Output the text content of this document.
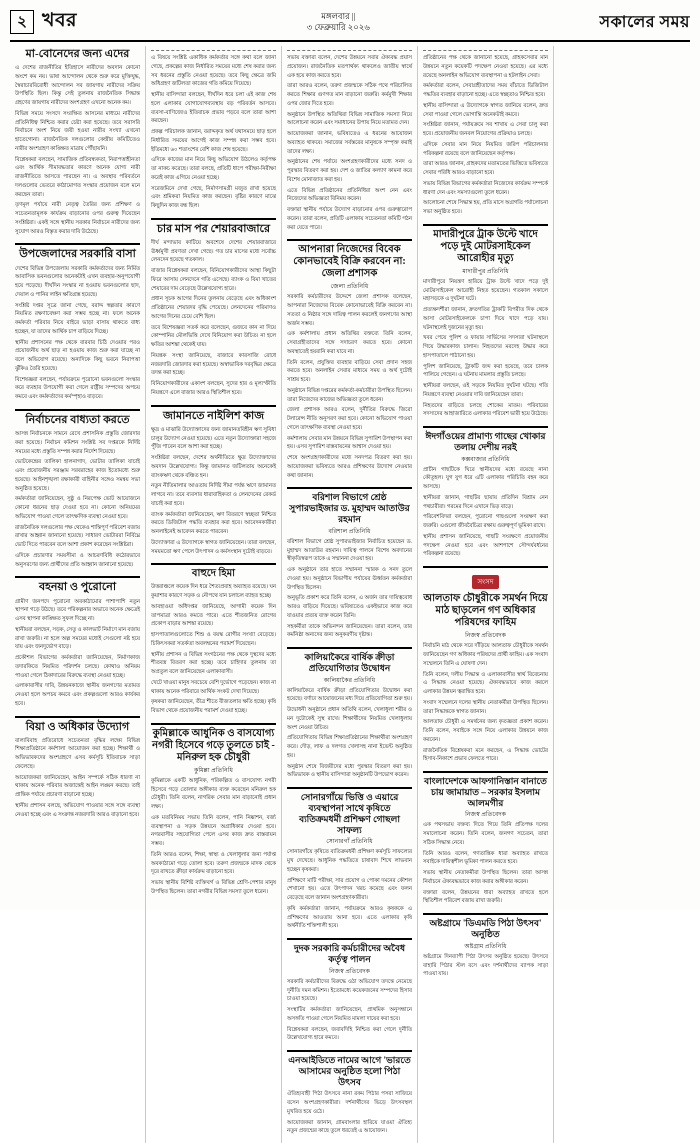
২ খবর	মঙ্গলবার ||
৩ ফেব্রুয়ারি ২০২৬	সকালের সময়
মা-বোনেদের জন্য এদের

এ দেশের রাজনীতির ইতিহাসে নারীদের অবদান কোনো অংশে কম নয়। ভাষা আন্দোলন থেকে শুরু করে মুক্তিযুদ্ধ, স্বৈরাচারবিরোধী আন্দোলন সব জায়গায় নারীদের সক্রিয় উপস্থিতি ছিল। কিন্তু সেই তুলনায় রাজনৈতিক সিদ্ধান্ত গ্রহণের জায়গায় নারীদের অংশগ্রহণ এখনো অনেক কম।

বিভিন্ন সময়ে সংসদে সংরক্ষিত আসনের মাধ্যমে নারীদের প্রতিনিধিত্ব নিশ্চিত করার চেষ্টা করা হয়েছে। তবে সরাসরি নির্বাচনে অংশ নিয়ে জয়ী হওয়া নারীর সংখ্যা এখনো হাতেগোনা। রাজনৈতিক দলগুলোর কেন্দ্রীয় কমিটিতেও নারীর অংশগ্রহণ কাঙ্ক্ষিত মাত্রায় পৌঁছায়নি।

বিশ্লেষকরা বলছেন, সামাজিক প্রতিবন্ধকতা, নিরাপত্তাহীনতা এবং আর্থিক সীমাবদ্ধতার কারণে অনেক যোগ্য নারী রাজনীতিতে আসতে পারছেন না। এ অবস্থার পরিবর্তনে দলগুলোর ভেতরে কাঠামোগত সংস্কার প্রয়োজন বলে মনে করছেন তারা।

তৃণমূল পর্যায়ে নারী নেতৃত্ব তৈরির জন্য প্রশিক্ষণ ও সচেতনতামূলক কার্যক্রম বাড়ানোর ওপর গুরুত্ব দিয়েছেন সংশ্লিষ্টরা। একই সঙ্গে স্থানীয় সরকার নির্বাচনে নারীদের জন্য সুযোগ আরও বিস্তৃত করার দাবি উঠেছে।

উপজেলাদের সরকারি বাসা

দেশের বিভিন্ন উপজেলায় সরকারি কর্মকর্তাদের জন্য নির্মিত আবাসিক ভবনগুলোর অনেকটাই এখন ব্যবহার-অনুপযোগী হয়ে পড়েছে। দীর্ঘদিন সংস্কার না হওয়ায় ভবনগুলোর ছাদ, দেয়াল ও পানির লাইন ক্ষতিগ্রস্ত হয়েছে।

সংশ্লিষ্ট দপ্তর সূত্রে জানা গেছে, বরাদ্দ স্বল্পতার কারণে নিয়মিত রক্ষণাবেক্ষণ করা সম্ভব হচ্ছে না। ফলে অনেক কর্মকর্তা পরিবার নিয়ে বাইরে ভাড়া বাসায় থাকতে বাধ্য হচ্ছেন, যা তাদের আর্থিক চাপ বাড়িয়ে দিচ্ছে।

স্থানীয় প্রশাসনের পক্ষ থেকে বারবার চিঠি দেওয়ার পরও প্রয়োজনীয় অর্থ ছাড় না হওয়ায় কাজ শুরু করা যাচ্ছে না বলে অভিযোগ রয়েছে। অন্যদিকে কিছু ভবনে নিরাপত্তা ঝুঁকিও তৈরি হয়েছে।

বিশেষজ্ঞরা বলছেন, পর্যায়ক্রমে পুরোনো ভবনগুলো সংস্কার করে ব্যবহার উপযোগী করা গেলে রাষ্ট্রীয় সম্পদের অপচয় কমবে এবং কর্মকর্তাদের কর্মস্পৃহাও বাড়বে।

নির্বাচনের বাধ্যতা করতে

আসন্ন নির্বাচনকে সামনে রেখে প্রশাসনিক প্রস্তুতি জোরদার করা হয়েছে। নির্বাচন কমিশন সংশ্লিষ্ট সব দপ্তরকে নির্দিষ্ট সময়ের মধ্যে প্রস্তুতি সম্পন্ন করার নির্দেশ দিয়েছে।

ভোটকেন্দ্রের তালিকা হালনাগাদ, ভোটার তালিকা যাচাই এবং প্রয়োজনীয় সরঞ্জাম সরবরাহের কাজ ইতোমধ্যে শুরু হয়েছে। আইনশৃঙ্খলা রক্ষাকারী বাহিনীর সঙ্গেও সমন্বয় সভা অনুষ্ঠিত হয়েছে।

কর্মকর্তারা জানিয়েছেন, সুষ্ঠু ও নিরপেক্ষ ভোট আয়োজনে কোনো ধরনের ছাড় দেওয়া হবে না। কোনো অনিয়মের অভিযোগ পাওয়া গেলে তাৎক্ষণিক ব্যবস্থা নেওয়া হবে।

রাজনৈতিক দলগুলোর পক্ষ থেকেও শান্তিপূর্ণ পরিবেশ বজায় রাখার আহ্বান জানানো হয়েছে। সাধারণ ভোটাররা নির্বিঘ্নে ভোট দিতে পারবেন বলে আশা প্রকাশ করেছেন সংশ্লিষ্টরা।

এদিকে প্রচারণার সময়সীমা ও আচরণবিধি কঠোরভাবে অনুসরণের জন্য প্রার্থীদের প্রতি আহ্বান জানানো হয়েছে।

বহনয়া ও পুরোনো

গ্রামীণ জনপদে পুরোনো অবকাঠামোর পাশাপাশি নতুন স্থাপনা গড়ে উঠছে। তবে পরিকল্পনার অভাবে অনেক ক্ষেত্রেই এসব স্থাপনা কাঙ্ক্ষিত সুফল দিচ্ছে না।

স্থানীয়রা বলছেন, সড়ক, সেতু ও কালভার্ট নির্মাণে মান বজায় রাখা জরুরি। না হলে অল্প সময়ের মধ্যেই সেগুলো নষ্ট হয়ে যায় এবং জনদুর্ভোগ বাড়ে।

প্রকৌশল বিভাগের কর্মকর্তারা জানিয়েছেন, নির্মাণকাজ তদারকিতে নিয়মিত পরিদর্শন চলছে। কোথাও অনিয়ম পাওয়া গেলে ঠিকাদারের বিরুদ্ধে ব্যবস্থা নেওয়া হচ্ছে।

এলাকাবাসীর দাবি, উন্নয়নকাজে স্থানীয় জনগণের মতামত নেওয়া হলে অপচয় কমবে এবং প্রকল্পগুলো আরও কার্যকর হবে।

বিয়া ও অধিকার উদ্যোগ

বাল্যবিবাহ প্রতিরোধে সচেতনতা বৃদ্ধির লক্ষ্যে বিভিন্ন শিক্ষাপ্রতিষ্ঠানে কর্মশালা আয়োজন করা হচ্ছে। শিক্ষার্থী ও অভিভাবকদের অংশগ্রহণে এসব কর্মসূচি ইতিবাচক সাড়া ফেলেছে।

আয়োজকরা জানিয়েছেন, আইন সম্পর্কে সঠিক ধারণা না থাকায় অনেক পরিবার অজান্তেই আইন লঙ্ঘন করছে। তাই প্রান্তিক পর্যায়ে প্রচারণা বাড়ানো হচ্ছে।

স্থানীয় প্রশাসন বলছে, অভিযোগ পাওয়ার সঙ্গে সঙ্গে ব্যবস্থা নেওয়া হচ্ছে এবং এ সংক্রান্ত নজরদারি আরও বাড়ানো হবে।

এ বিষয়ে সংশ্লিষ্ট একাধিক কর্মকর্তার সঙ্গে কথা বলে জানা গেছে, প্রকল্পের কাজ নির্ধারিত সময়ের মধ্যে শেষ করার জন্য সব ধরনের প্রস্তুতি নেওয়া হয়েছে। তবে কিছু ক্ষেত্রে জমি অধিগ্রহণ জটিলতা কাজের গতি কমিয়ে দিয়েছে।

স্থানীয় বাসিন্দারা বলছেন, দীর্ঘদিন ধরে চলা এই কাজ শেষ হলে এলাকার যোগাযোগব্যবস্থায় বড় পরিবর্তন আসবে। ব্যবসা-বাণিজ্যেও ইতিবাচক প্রভাব পড়বে বলে তারা আশা করছেন।

প্রকল্প পরিচালক জানান, বরাদ্দকৃত অর্থ যথাসময়ে ছাড় হলে নির্ধারিত সময়ের আগেই কাজ সম্পন্ন করা সম্ভব হবে। ইতিমধ্যে ৬০ শতাংশের বেশি কাজ শেষ হয়েছে।

এদিকে কাজের মান নিয়ে কিছু অভিযোগ উঠলেও কর্তৃপক্ষ তা নাকচ করেছে। তারা বলছে, প্রতিটি ধাপে পরীক্ষা-নিরীক্ষা করেই কাজ এগিয়ে নেওয়া হচ্ছে।

সরেজমিনে দেখা গেছে, নির্মাণসামগ্রী মজুত রাখা হয়েছে এবং শ্রমিকরা নিয়মিত কাজ করছেন। বৃষ্টির কারণে মাঝে কিছুদিন কাজ বন্ধ ছিল।

চার মাস পর শেয়ারবাজারে

দীর্ঘ মন্দাভাব কাটিয়ে অবশেষে দেশের শেয়ারবাজারে ঊর্ধ্বমুখী প্রবণতা দেখা গেছে। গত চার মাসের মধ্যে সর্বোচ্চ লেনদেন হয়েছে গতকাল।

বাজার বিশ্লেষকরা বলছেন, বিনিয়োগকারীদের আস্থা কিছুটা ফিরে আসায় লেনদেনে গতি এসেছে। ব্যাংক ও বিমা খাতের শেয়ারের দাম বেড়েছে উল্লেখযোগ্য হারে।

প্রধান সূচক আগের দিনের তুলনায় বেড়েছে এবং অধিকাংশ প্রতিষ্ঠানের শেয়ারদর বৃদ্ধি পেয়েছে। লেনদেনের পরিমাণও আগের দিনের চেয়ে বেশি ছিল।

তবে বিশেষজ্ঞরা সতর্ক করে বলেছেন, গুজবে কান না দিয়ে কোম্পানির মৌলভিত্তি দেখে বিনিয়োগ করা উচিত। না হলে ক্ষতির আশঙ্কা থেকেই যায়।

নিয়ন্ত্রক সংস্থা জানিয়েছে, বাজারে কারসাজি রোধে নজরদারি জোরদার করা হয়েছে। অস্বাভাবিক দরবৃদ্ধির ক্ষেত্রে তদন্ত করা হচ্ছে।

বিনিয়োগকারীদের একাংশ বলছেন, সুদের হার ও মূল্যস্ফীতি নিয়ন্ত্রণে এলে বাজার আরও স্থিতিশীল হবে।

জামানতে নাইলিশ কাজ

ক্ষুদ্র ও মাঝারি উদ্যোক্তাদের জন্য জামানতবিহীন ঋণ সুবিধা চালুর উদ্যোগ নেওয়া হয়েছে। এতে নতুন উদ্যোক্তারা সহজে পুঁজি পাবেন বলে আশা করা হচ্ছে।

সংশ্লিষ্টরা বলছেন, দেশের অর্থনীতিতে ক্ষুদ্র উদ্যোক্তাদের অবদান উল্লেখযোগ্য। কিন্তু জামানত জটিলতায় অনেকেই ব্যাংকঋণ থেকে বঞ্চিত হন।

নতুন নীতিমালার আওতায় নির্দিষ্ট সীমা পর্যন্ত ঋণে জামানত লাগবে না। তবে ব্যবসার ধারাবাহিকতা ও লেনদেনের রেকর্ড যাচাই করা হবে।

ব্যাংক কর্মকর্তারা জানিয়েছেন, ঋণ বিতরণে স্বচ্ছতা নিশ্চিত করতে ডিজিটাল পদ্ধতি ব্যবহার করা হবে। আবেদনকারীরা অনলাইনেই আবেদন করতে পারবেন।

উদ্যোক্তারা এ উদ্যোগকে স্বাগত জানিয়েছেন। তারা বলছেন, সময়মতো ঋণ পেলে উৎপাদন ও কর্মসংস্থান দুটোই বাড়বে।

বাহুদে হিমা

উত্তরাঞ্চলে কয়েক দিন ধরে শৈত্যপ্রবাহ অব্যাহত রয়েছে। ঘন কুয়াশার কারণে সড়ক ও নৌপথে যান চলাচল ব্যাহত হচ্ছে।

আবহাওয়া অধিদপ্তর জানিয়েছে, আগামী কয়েক দিন তাপমাত্রা আরও কমতে পারে। এতে শীতজনিত রোগের প্রকোপ বাড়ার আশঙ্কা রয়েছে।

হাসপাতালগুলোতে শিশু ও বয়স্ক রোগীর সংখ্যা বেড়েছে। চিকিৎসকরা সতর্কতা অবলম্বনের পরামর্শ দিয়েছেন।

স্থানীয় প্রশাসন ও বিভিন্ন সংগঠনের পক্ষ থেকে দুস্থদের মধ্যে শীতবস্ত্র বিতরণ করা হচ্ছে। তবে চাহিদার তুলনায় তা অপ্রতুল বলে জানিয়েছেন এলাকাবাসী।

খেটে খাওয়া মানুষ সবচেয়ে বেশি দুর্ভোগে পড়েছেন। কাজ না থাকায় অনেক পরিবারে আর্থিক সংকট দেখা দিয়েছে।

কৃষকরা জানিয়েছেন, তীব্র শীতে বীজতলার ক্ষতি হচ্ছে। কৃষি বিভাগ থেকে প্রয়োজনীয় পরামর্শ দেওয়া হচ্ছে।

কুমিল্লাকে আধুনিক ও বাসযোগ্য নগরী হিসেবে গড়ে তুলতে চাই - মনিরুল হক চৌধুরী
কুমিল্লা প্রতিনিধি

কুমিল্লাকে একটি আধুনিক, পরিকল্পিত ও বাসযোগ্য নগরী হিসেবে গড়ে তোলার অঙ্গীকার ব্যক্ত করেছেন মনিরুল হক চৌধুরী। তিনি বলেন, নাগরিক সেবার মান বাড়ানোই প্রধান লক্ষ্য।

এক মতবিনিময় সভায় তিনি বলেন, পানি নিষ্কাশন, বর্জ্য ব্যবস্থাপনা ও সড়ক উন্নয়নে অগ্রাধিকার দেওয়া হবে। নগরবাসীর সহযোগিতা পেলে এসব কাজ দ্রুত বাস্তবায়ন সম্ভব।

তিনি আরও বলেন, শিক্ষা, স্বাস্থ্য ও খেলাধুলার জন্য পর্যাপ্ত অবকাঠামো গড়ে তোলা হবে। তরুণ প্রজন্মকে মাদক থেকে দূরে রাখতে ক্রীড়া কার্যক্রম বাড়ানো হবে।

সভায় স্থানীয় বিশিষ্ট ব্যক্তিবর্গ ও বিভিন্ন শ্রেণি-পেশার মানুষ উপস্থিত ছিলেন। তারা নগরীর বিভিন্ন সমস্যা তুলে ধরেন।

সভায় বক্তারা বলেন, দেশের উন্নয়নে সবার ঐক্যবদ্ধ প্রয়াস প্রয়োজন। রাজনৈতিক মতপার্থক্য থাকলেও জাতীয় স্বার্থে এক হয়ে কাজ করতে হবে।

তারা আরও বলেন, তরুণ প্রজন্মকে সঠিক পথে পরিচালিত করতে শিক্ষার গুণগত মান বাড়ানো জরুরি। কর্মমুখী শিক্ষার ওপর জোর দিতে হবে।

অনুষ্ঠানে উপস্থিত অতিথিরা বিভিন্ন সামাজিক সমস্যা নিয়ে আলোচনা করেন এবং সমাধানের উপায় নিয়ে মতামত দেন।

আয়োজকরা জানান, ভবিষ্যতেও এ ধরনের আয়োজন অব্যাহত থাকবে। সমাজের সর্বস্তরের মানুষকে সম্পৃক্ত করাই তাদের লক্ষ্য।

অনুষ্ঠানের শেষ পর্যায়ে অংশগ্রহণকারীদের মধ্যে সনদ ও পুরস্কার বিতরণ করা হয়। দেশ ও জাতির কল্যাণ কামনা করে বিশেষ মোনাজাত করা হয়।

এতে বিভিন্ন প্রতিষ্ঠানের প্রতিনিধিরা অংশ নেন এবং নিজেদের অভিজ্ঞতা বিনিময় করেন।

বক্তারা স্থানীয় পর্যায়ে উদ্যোগ বাড়ানোর ওপর গুরুত্বারোপ করেন। তারা বলেন, প্রতিটি এলাকায় সচেতনতা কমিটি গঠন করা যেতে পারে।

আপনারা নিজেদের বিবেক কোনভাবেই বিক্রি করবেন না: জেলা প্রশাসক
জেলা প্রতিনিধি

সরকারি কর্মচারীদের উদ্দেশে জেলা প্রশাসক বলেছেন, আপনারা নিজেদের বিবেক কোনোভাবেই বিক্রি করবেন না। সততা ও নিষ্ঠার সঙ্গে দায়িত্ব পালন করলেই জনগণের আস্থা অর্জন সম্ভব।

এক কর্মশালায় প্রধান অতিথির বক্তব্যে তিনি বলেন, সেবাগ্রহীতাদের সঙ্গে সদাচরণ করতে হবে। কোনো অবস্থাতেই হয়রানি করা যাবে না।

তিনি বলেন, প্রযুক্তির ব্যবহার বাড়িয়ে সেবা প্রদান সহজ করতে হবে। অনলাইন সেবার মাধ্যমে সময় ও অর্থ দুটোই সাশ্রয় হবে।

অনুষ্ঠানে বিভিন্ন দপ্তরের কর্মকর্তা-কর্মচারীরা উপস্থিত ছিলেন। তারা নিজেদের কাজের অভিজ্ঞতা তুলে ধরেন।

জেলা প্রশাসক আরও বলেন, দুর্নীতির বিরুদ্ধে জিরো টলারেন্স নীতি অনুসরণ করা হবে। কোনো অভিযোগ পাওয়া গেলে তাৎক্ষণিক ব্যবস্থা নেওয়া হবে।

কর্মশালায় সেবার মান উন্নয়নে বিভিন্ন সুপারিশ উপস্থাপন করা হয়। এসব সুপারিশ বাস্তবায়নের আশ্বাস দেওয়া হয়।

শেষে অংশগ্রহণকারীদের মধ্যে সনদপত্র বিতরণ করা হয়। আয়োজকরা ভবিষ্যতে আরও প্রশিক্ষণের উদ্যোগ নেওয়ার কথা জানান।

বরিশাল বিভাগে শ্রেষ্ঠ সুপারভাইজার ড. মুহাম্মদ আতাউর রহমান
বরিশাল প্রতিনিধি

বরিশাল বিভাগে শ্রেষ্ঠ সুপারভাইজার নির্বাচিত হয়েছেন ড. মুহাম্মদ আতাউর রহমান। দায়িত্ব পালনে বিশেষ অবদানের স্বীকৃতিস্বরূপ তাকে এ সম্মাননা দেওয়া হয়।

এক অনুষ্ঠানে তার হাতে সম্মাননা স্মারক ও সনদ তুলে দেওয়া হয়। অনুষ্ঠানে বিভাগীয় পর্যায়ের ঊর্ধ্বতন কর্মকর্তারা উপস্থিত ছিলেন।

অনুভূতি প্রকাশ করে তিনি বলেন, এ অর্জন তার দায়িত্ববোধ আরও বাড়িয়ে দিয়েছে। ভবিষ্যতেও একইভাবে কাজ করে যাওয়ার প্রত্যয় ব্যক্ত করেন তিনি।

সহকর্মীরা তাকে অভিনন্দন জানিয়েছেন। তারা বলেন, তার কর্মনিষ্ঠা অন্যদের জন্য অনুকরণীয় দৃষ্টান্ত।

কালিয়াকৈরে বার্ষিক ক্রীড়া প্রতিযোগিতার উদ্বোধন
কালিয়াকৈর প্রতিনিধি

কালিয়াকৈরে বার্ষিক ক্রীড়া প্রতিযোগিতার উদ্বোধন করা হয়েছে। বর্ণাঢ্য আয়োজনের মধ্য দিয়ে প্রতিযোগিতা শুরু হয়।

উদ্বোধনী অনুষ্ঠানে প্রধান অতিথি বলেন, খেলাধুলা শরীর ও মন দুটোকেই সুস্থ রাখে। শিক্ষার্থীদের নিয়মিত খেলাধুলায় অংশ নেওয়া উচিত।

প্রতিযোগিতায় বিভিন্ন শিক্ষাপ্রতিষ্ঠানের শিক্ষার্থীরা অংশগ্রহণ করে। দৌড়, লাফ ও দলগত খেলাসহ নানা ইভেন্ট অনুষ্ঠিত হয়।

অনুষ্ঠান শেষে বিজয়ীদের মধ্যে পুরস্কার বিতরণ করা হয়। অভিভাবক ও স্থানীয় বাসিন্দারা অনুষ্ঠানটি উপভোগ করেন।

সোনারগাঁয়ে ভিত্তি ও এয়ারে ব্যবস্থাপনা সাথে কৃষিতে ব্যতিক্রমধর্মী প্রশিক্ষণ গোছলা সাফল্য
সোনারগাঁ প্রতিনিধি

সোনারগাঁয়ে কৃষিতে ব্যতিক্রমধর্মী প্রশিক্ষণ কর্মসূচি সাফল্যের মুখ দেখেছে। আধুনিক পদ্ধতিতে চাষাবাদ শিখে লাভবান হচ্ছেন কৃষকরা।

প্রশিক্ষণে মাটি পরীক্ষা, সার প্রয়োগ ও পোকা দমনের কৌশল শেখানো হয়। এতে উৎপাদন খরচ কমেছে এবং ফলন বেড়েছে বলে জানান অংশগ্রহণকারীরা।

কৃষি কর্মকর্তারা জানান, পর্যায়ক্রমে আরও কৃষককে এ প্রশিক্ষণের আওতায় আনা হবে। এতে এলাকার কৃষি অর্থনীতি শক্তিশালী হবে।

দুদক সরকারি কর্মচারীদের অবৈধ কর্তৃত্ব পালন
নিজস্ব প্রতিবেদক

সরকারি কর্মচারীদের বিরুদ্ধে ওঠা অভিযোগ তদন্তে নেমেছে দুর্নীতি দমন কমিশন। ইতোমধ্যে কয়েকজনের সম্পদের হিসাব চাওয়া হয়েছে।

সংস্থাটির কর্মকর্তারা জানিয়েছেন, প্রাথমিক অনুসন্ধানে অসঙ্গতি পাওয়া গেলে নিয়মিত মামলা দায়ের করা হবে।

বিশ্লেষকরা বলছেন, জবাবদিহি নিশ্চিত করা গেলে দুর্নীতি উল্লেখযোগ্য হারে কমবে।

এনআইডিতে নামের আগে 'ভারতে আসামের অনুষ্ঠিত হলো পিঠা উৎসব

ঐতিহ্যবাহী পিঠা উৎসবে নানা রকম পিঠার পসরা সাজিয়ে বসেন অংশগ্রহণকারীরা। দর্শনার্থীদের ভিড়ে উৎসবস্থল মুখরিত হয়ে ওঠে।

আয়োজকরা জানান, গ্রামবাংলার হারিয়ে যাওয়া ঐতিহ্য নতুন প্রজন্মের কাছে তুলে ধরতেই এ আয়োজন।

প্রতিষ্ঠানের পক্ষ থেকে জানানো হয়েছে, গ্রাহকসেবার মান উন্নয়নে নতুন কয়েকটি পদক্ষেপ নেওয়া হয়েছে। এর মধ্যে রয়েছে অনলাইন অভিযোগ ব্যবস্থাপনা ও হটলাইন সেবা।

কর্মকর্তারা বলেন, সেবাগ্রহীতাদের সময় বাঁচাতে ডিজিটাল পদ্ধতির ব্যবহার বাড়ানো হচ্ছে। এতে স্বচ্ছতাও নিশ্চিত হবে।

স্থানীয় বাসিন্দারা এ উদ্যোগকে স্বাগত জানিয়ে বলেন, দ্রুত সেবা পাওয়া গেলে ভোগান্তি অনেকটাই কমবে।

সংশ্লিষ্টরা জানান, পর্যায়ক্রমে সব শাখায় এ সেবা চালু করা হবে। প্রয়োজনীয় জনবল নিয়োগের প্রক্রিয়াও চলছে।

এদিকে সেবার মান নিয়ে নিয়মিত জরিপ পরিচালনার পরিকল্পনা রয়েছে বলে জানিয়েছেন কর্তৃপক্ষ।

তারা আরও জানান, গ্রাহকদের মতামতের ভিত্তিতে ভবিষ্যতে সেবার পরিধি আরও বাড়ানো হবে।

সভায় বিভিন্ন বিভাগের কর্মকর্তারা নিজেদের কার্যক্রম সম্পর্কে ধারণা দেন এবং সমস্যাগুলো তুলে ধরেন।

আলোচনা শেষে সিদ্ধান্ত হয়, প্রতি মাসে অগ্রগতি পর্যালোচনা সভা অনুষ্ঠিত হবে।

মাদারীপুরে ট্রাক উল্টে খাদে পড়ে দুই মোটরসাইকেল আরোহীর মৃত্যু
মাদারীপুর প্রতিনিধি

মাদারীপুরে নিয়ন্ত্রণ হারিয়ে ট্রাক উল্টে খাদে পড়ে দুই মোটরসাইকেল আরোহী নিহত হয়েছেন। গতকাল সকালে মহাসড়কে এ দুর্ঘটনা ঘটে।

প্রত্যক্ষদর্শীরা জানান, দ্রুতগতির ট্রাকটি বিপরীত দিক থেকে আসা মোটরসাইকেলকে চাপা দিয়ে খাদে পড়ে যায়। ঘটনাস্থলেই দুজনের মৃত্যু হয়।

খবর পেয়ে পুলিশ ও ফায়ার সার্ভিসের সদস্যরা ঘটনাস্থলে গিয়ে উদ্ধারকাজ চালান। নিহতদের মরদেহ উদ্ধার করে হাসপাতালে পাঠানো হয়।

পুলিশ জানিয়েছে, ট্রাকটি জব্দ করা হয়েছে, তবে চালক পালিয়ে গেছেন। এ ঘটনায় মামলার প্রস্তুতি চলছে।

স্থানীয়রা বলছেন, ওই সড়কে নিয়মিত দুর্ঘটনা ঘটছে। গতি নিয়ন্ত্রণে ব্যবস্থা নেওয়ার দাবি জানিয়েছেন তারা।

নিহতদের বাড়িতে চলছে শোকের মাতম। পরিবারের সদস্যদের আহাজারিতে এলাকার পরিবেশ ভারী হয়ে উঠেছে।

ঈদগাঁওয়ের প্রামাণ্য গাছের খোকার তলায় দেশীয় নরই
কক্সবাজার প্রতিনিধি

প্রাচীন গাছটিকে ঘিরে স্থানীয়দের মধ্যে রয়েছে নানা কৌতূহল। যুগ যুগ ধরে এটি এলাকার পরিচিতি বহন করে আসছে।

স্থানীয়রা জানান, গাছটির ছায়ায় প্রতিদিন বিশ্রাম নেন পথচারীরা। গরমের দিনে এখানে ভিড় বাড়ে।

পরিবেশবিদরা বলছেন, পুরোনো গাছগুলো সংরক্ষণ করা জরুরি। এগুলো জীববৈচিত্র্য রক্ষায় গুরুত্বপূর্ণ ভূমিকা রাখে।

স্থানীয় প্রশাসন জানিয়েছে, গাছটি সংরক্ষণে প্রয়োজনীয় পদক্ষেপ নেওয়া হবে এবং আশপাশে সৌন্দর্যবর্ধনের পরিকল্পনা রয়েছে।

সংসদ
আলতাফ চৌধুরীকে সমর্থন দিয়ে মাঠ ছাড়লেন গণ অধিকার পরিষদের ফাহিম
নিজস্ব প্রতিবেদক

নির্বাচনি মাঠ থেকে সরে দাঁড়িয়ে আলতাফ চৌধুরীকে সমর্থন জানিয়েছেন গণ অধিকার পরিষদের প্রার্থী ফাহিম। এক সংবাদ সম্মেলনে তিনি এ ঘোষণা দেন।

তিনি বলেন, দলীয় সিদ্ধান্ত ও এলাকাবাসীর স্বার্থ বিবেচনায় এ সিদ্ধান্ত নেওয়া হয়েছে। ঐক্যবদ্ধভাবে কাজ করলে এলাকার উন্নয়ন ত্বরান্বিত হবে।

সংবাদ সম্মেলনে দলের স্থানীয় নেতাকর্মীরা উপস্থিত ছিলেন। তারা সিদ্ধান্তকে স্বাগত জানান।

আলতাফ চৌধুরী এ সমর্থনের জন্য কৃতজ্ঞতা প্রকাশ করেন। তিনি বলেন, সবাইকে সঙ্গে নিয়ে এলাকার উন্নয়নে কাজ করবেন।

রাজনৈতিক বিশ্লেষকরা মনে করছেন, এ সিদ্ধান্ত ভোটের হিসাব-নিকাশে প্রভাব ফেলতে পারে।

বাংলাদেশকে আফগানিস্তান বানাতে চায় জামায়াত – সরকার ইসলাম আলমগীর
নিজস্ব প্রতিবেদক

এক পথসভায় বক্তব্য দিতে গিয়ে তিনি প্রতিপক্ষ দলের সমালোচনা করেন। তিনি বলেন, জনগণ সচেতন, তারা সঠিক সিদ্ধান্ত নেবে।

তিনি আরও বলেন, গণতান্ত্রিক ধারা অব্যাহত রাখতে সবাইকে দায়িত্বশীল ভূমিকা পালন করতে হবে।

সভায় স্থানীয় নেতাকর্মীরা উপস্থিত ছিলেন। তারা আসন্ন নির্বাচনে ঐক্যবদ্ধভাবে কাজ করার অঙ্গীকার করেন।

বক্তারা বলেন, উন্নয়নের ধারা অব্যাহত রাখতে হলে স্থিতিশীল পরিবেশ বজায় রাখা জরুরি।

অষ্টগ্রামে 'ডিএমডি পিঠা উৎসব' অনুষ্ঠিত
অষ্টগ্রাম প্রতিনিধি

অষ্টগ্রামে দিনব্যাপী পিঠা উৎসব অনুষ্ঠিত হয়েছে। উৎসবে বাহারি পিঠার স্টল বসে এবং দর্শনার্থীদের ব্যাপক সাড়া পাওয়া যায়।
